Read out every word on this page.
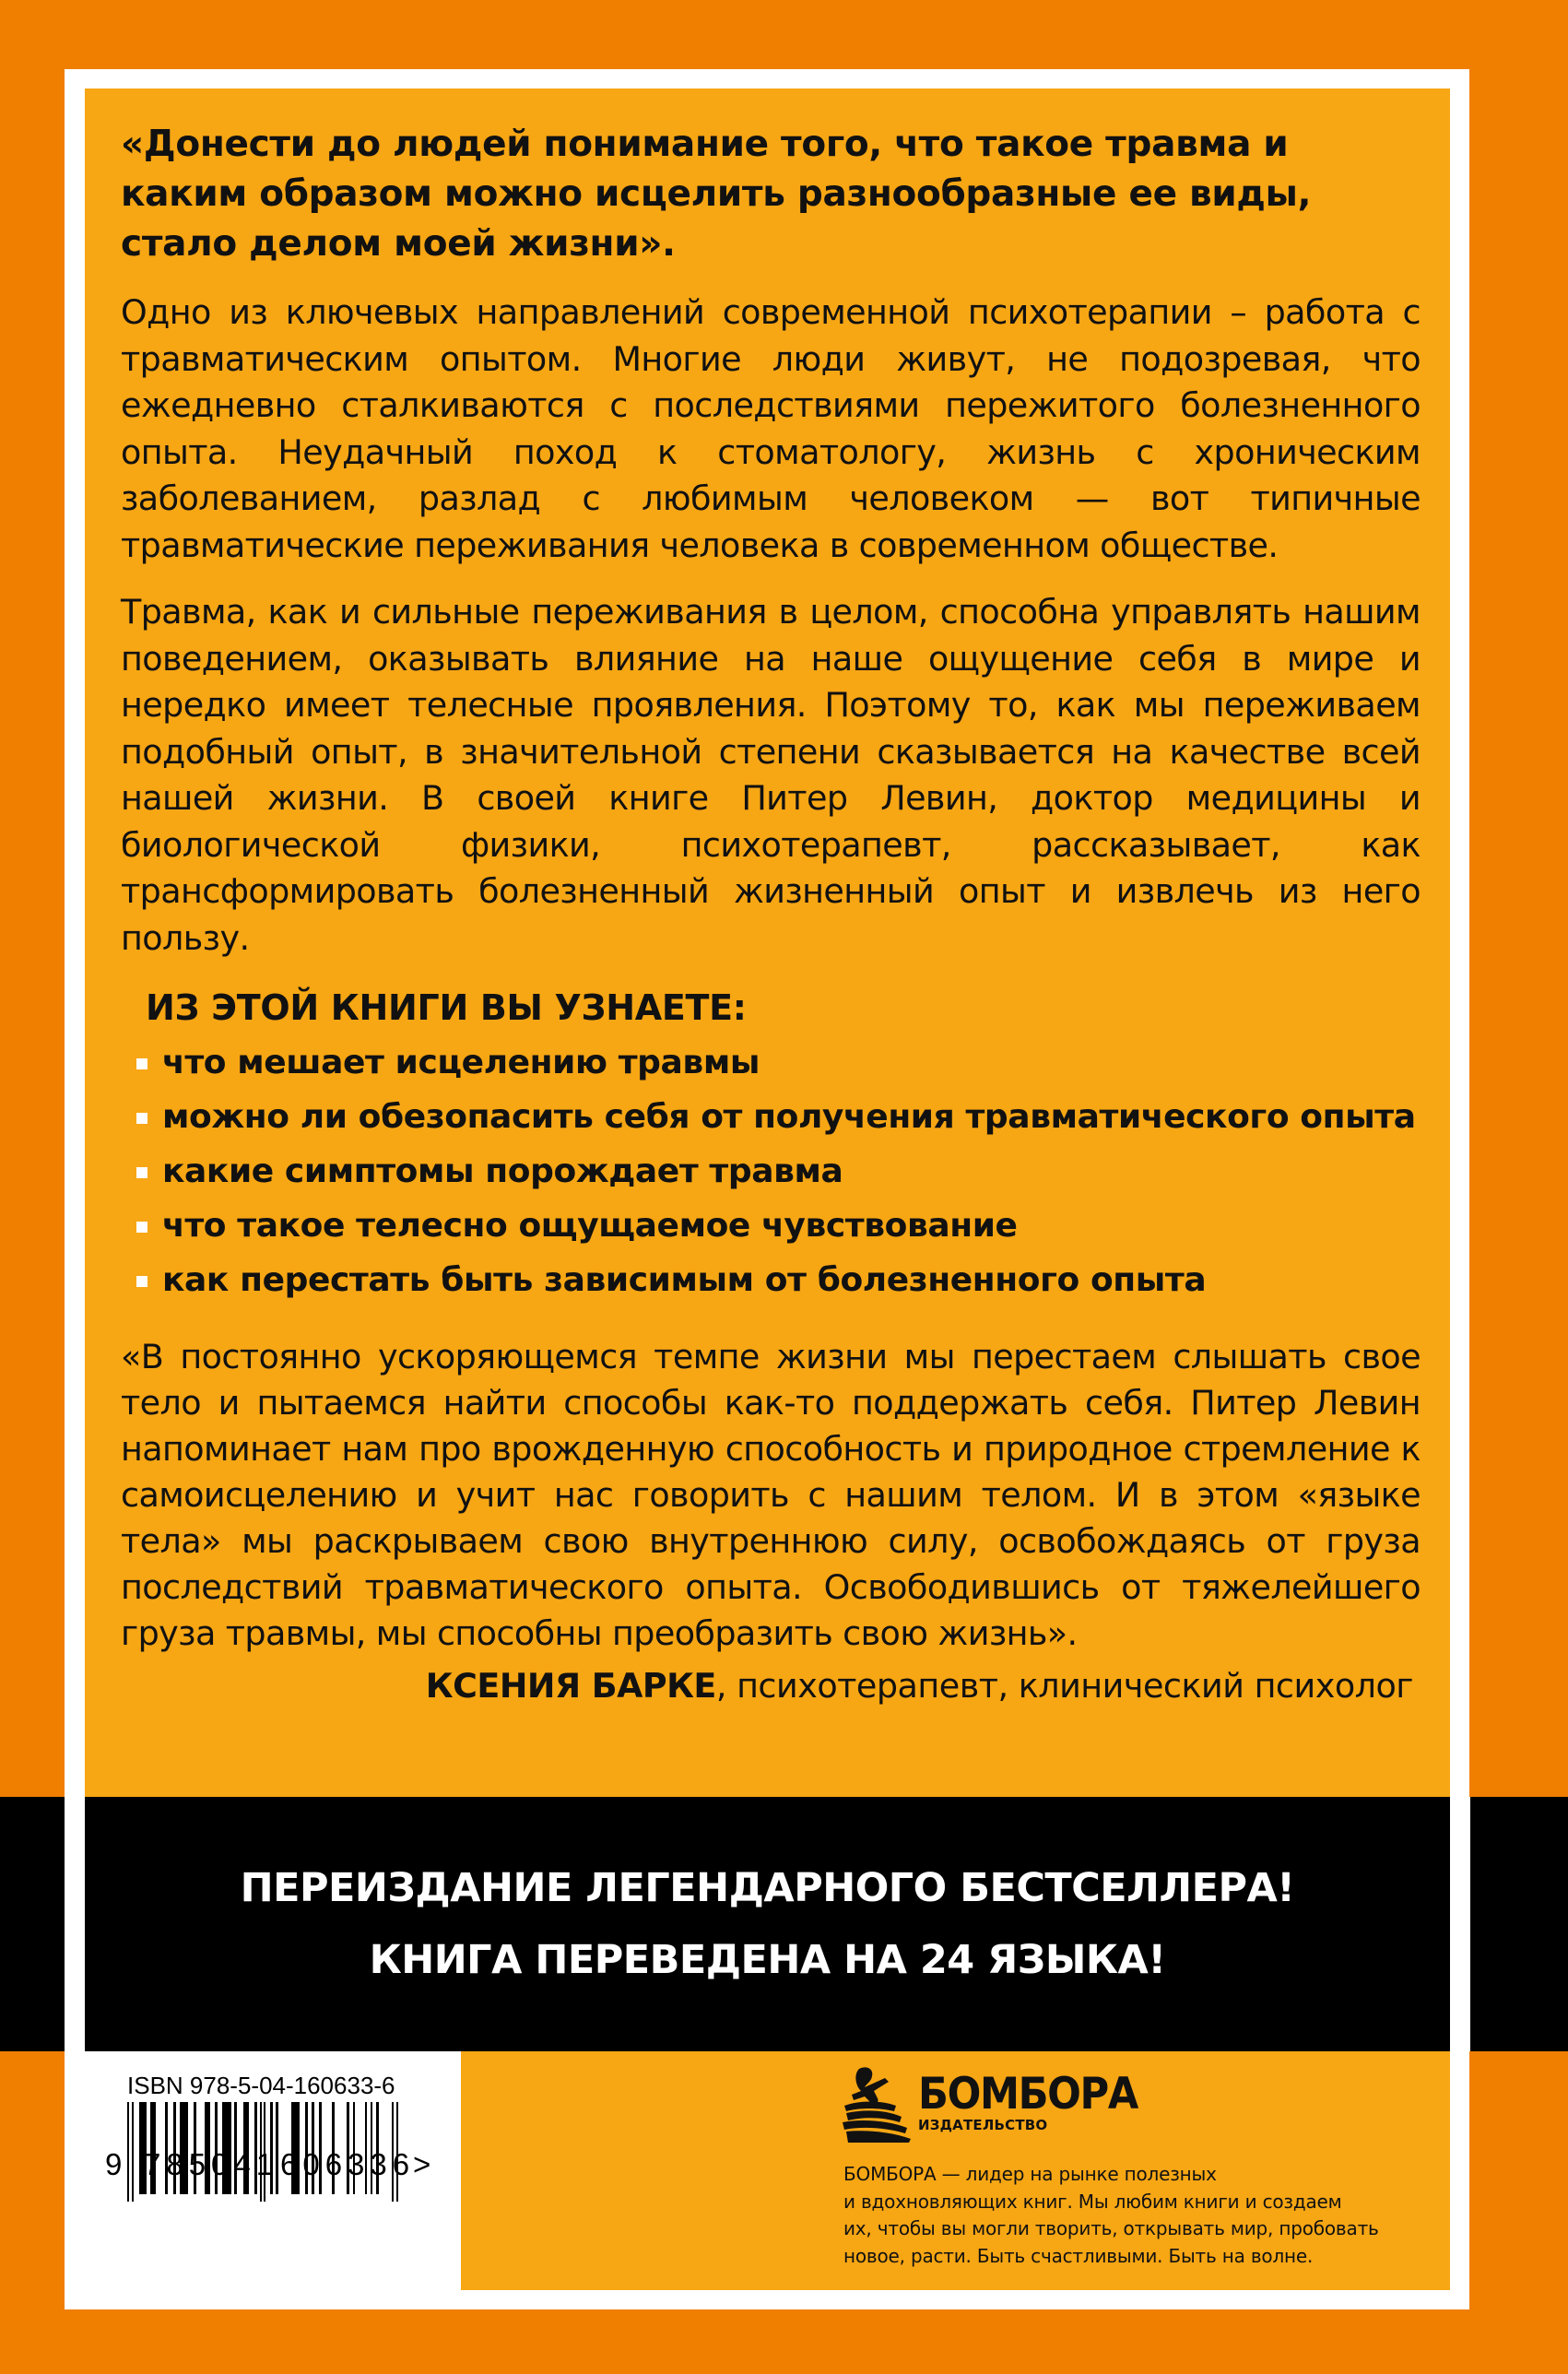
«Донести до людей понимание того, что такое травма и каким образом можно исцелить разнообразные ее виды, стало делом моей жизни».

Одно из ключевых направлений современной психотерапии – работа с травматическим опытом. Многие люди живут, не подозревая, что ежедневно сталкиваются с последствиями пережитого болезненного опыта. Неудачный поход к стоматологу, жизнь с хроническим заболеванием, разлад с любимым человеком — вот типичные травматические переживания человека в современном обществе.

Травма, как и сильные переживания в целом, способна управлять нашим поведением, оказывать влияние на наше ощущение себя в мире и нередко имеет телесные проявления. Поэтому то, как мы переживаем подобный опыт, в значительной степени сказывается на качестве всей нашей жизни. В своей книге Питер Левин, доктор медицины и биологической физики, психотерапевт, рассказывает, как трансформировать болезненный жизненный опыт и извлечь из него пользу.

ИЗ ЭТОЙ КНИГИ ВЫ УЗНАЕТЕ:
что мешает исцелению травмы
можно ли обезопасить себя от получения травматического опыта
какие симптомы порождает травма
что такое телесно ощущаемое чувствование
как перестать быть зависимым от болезненного опыта

«В постоянно ускоряющемся темпе жизни мы перестаем слышать свое тело и пытаемся найти способы как-то поддержать себя. Питер Левин напоминает нам про врожденную способность и природное стремление к самоисцелению и учит нас говорить с нашим телом. И в этом «языке тела» мы раскрываем свою внутреннюю силу, освобождаясь от груза последствий травматического опыта. Освободившись от тяжелейшего груза травмы, мы способны преобразить свою жизнь».

КСЕНИЯ БАРКЕ, психотерапевт, клинический психолог
ПЕРЕИЗДАНИЕ ЛЕГЕНДАРНОГО БЕСТСЕЛЛЕРА!
КНИГА ПЕРЕВЕДЕНА НА 24 ЯЗЫКА!
ISBN 978-5-04-160633-6
9 785041 606336
>
БОМБОРА
ИЗДАТЕЛЬСТВО
БОМБОРА — лидер на рынке полезных
и вдохновляющих книг. Мы любим книги и создаем
их, чтобы вы могли творить, открывать мир, пробовать
новое, расти. Быть счастливыми. Быть на волне.
